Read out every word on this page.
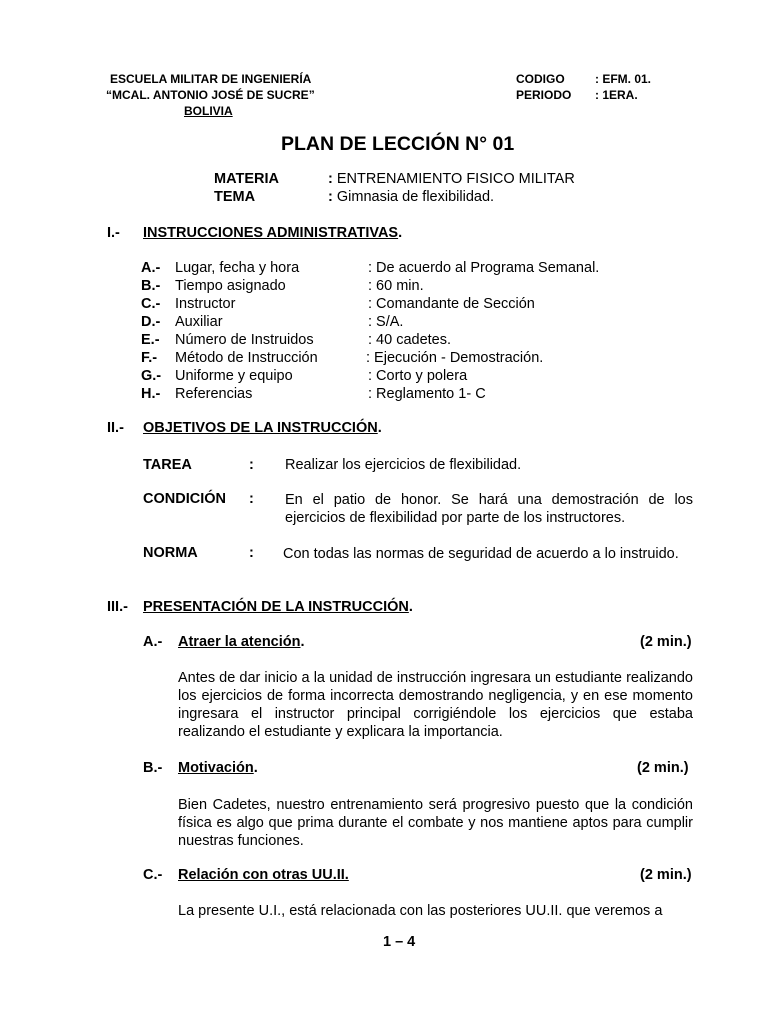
ESCUELA MILITAR DE INGENIERÍA
“MCAL. ANTONIO JOSÉ DE SUCRE”
BOLIVIA
CODIGO	: EFM. 01.
PERIODO : 1ERA.
PLAN DE LECCIÓN N° 01
MATERIA	: ENTRENAMIENTO FISICO MILITAR
TEMA	: Gimnasia de flexibilidad.
I.- INSTRUCCIONES ADMINISTRATIVAS.
A.- Lugar, fecha y hora	: De acuerdo al Programa Semanal.
B.- Tiempo asignado	: 60 min.
C.- Instructor	: Comandante de Sección
D.- Auxiliar	: S/A.
E.- Número de Instruidos	: 40 cadetes.
F.- Método de Instrucción	: Ejecución - Demostración.
G.- Uniforme y equipo	: Corto y polera
H.- Referencias	: Reglamento 1- C
II.- OBJETIVOS DE LA INSTRUCCIÓN.
TAREA	: Realizar los ejercicios de flexibilidad.
CONDICIÓN : En el patio de honor. Se hará una demostración de los ejercicios de flexibilidad por parte de los instructores.
NORMA	: Con todas las normas de seguridad de acuerdo a lo instruido.
III.- PRESENTACIÓN DE LA INSTRUCCIÓN.
A.- Atraer la atención.	(2 min.)
Antes de dar inicio a la unidad de instrucción ingresara un estudiante realizando los ejercicios de forma incorrecta demostrando negligencia, y en ese momento ingresara el instructor principal corrigiéndole los ejercicios que estaba realizando el estudiante y explicara la importancia.
B.- Motivación.	(2 min.)
Bien Cadetes, nuestro entrenamiento será progresivo puesto que la condición física es algo que prima durante el combate y nos mantiene aptos para cumplir nuestras funciones.
C.- Relación con otras UU.II.	(2 min.)
La presente U.I., está relacionada con las posteriores UU.II. que veremos a
1 – 4
